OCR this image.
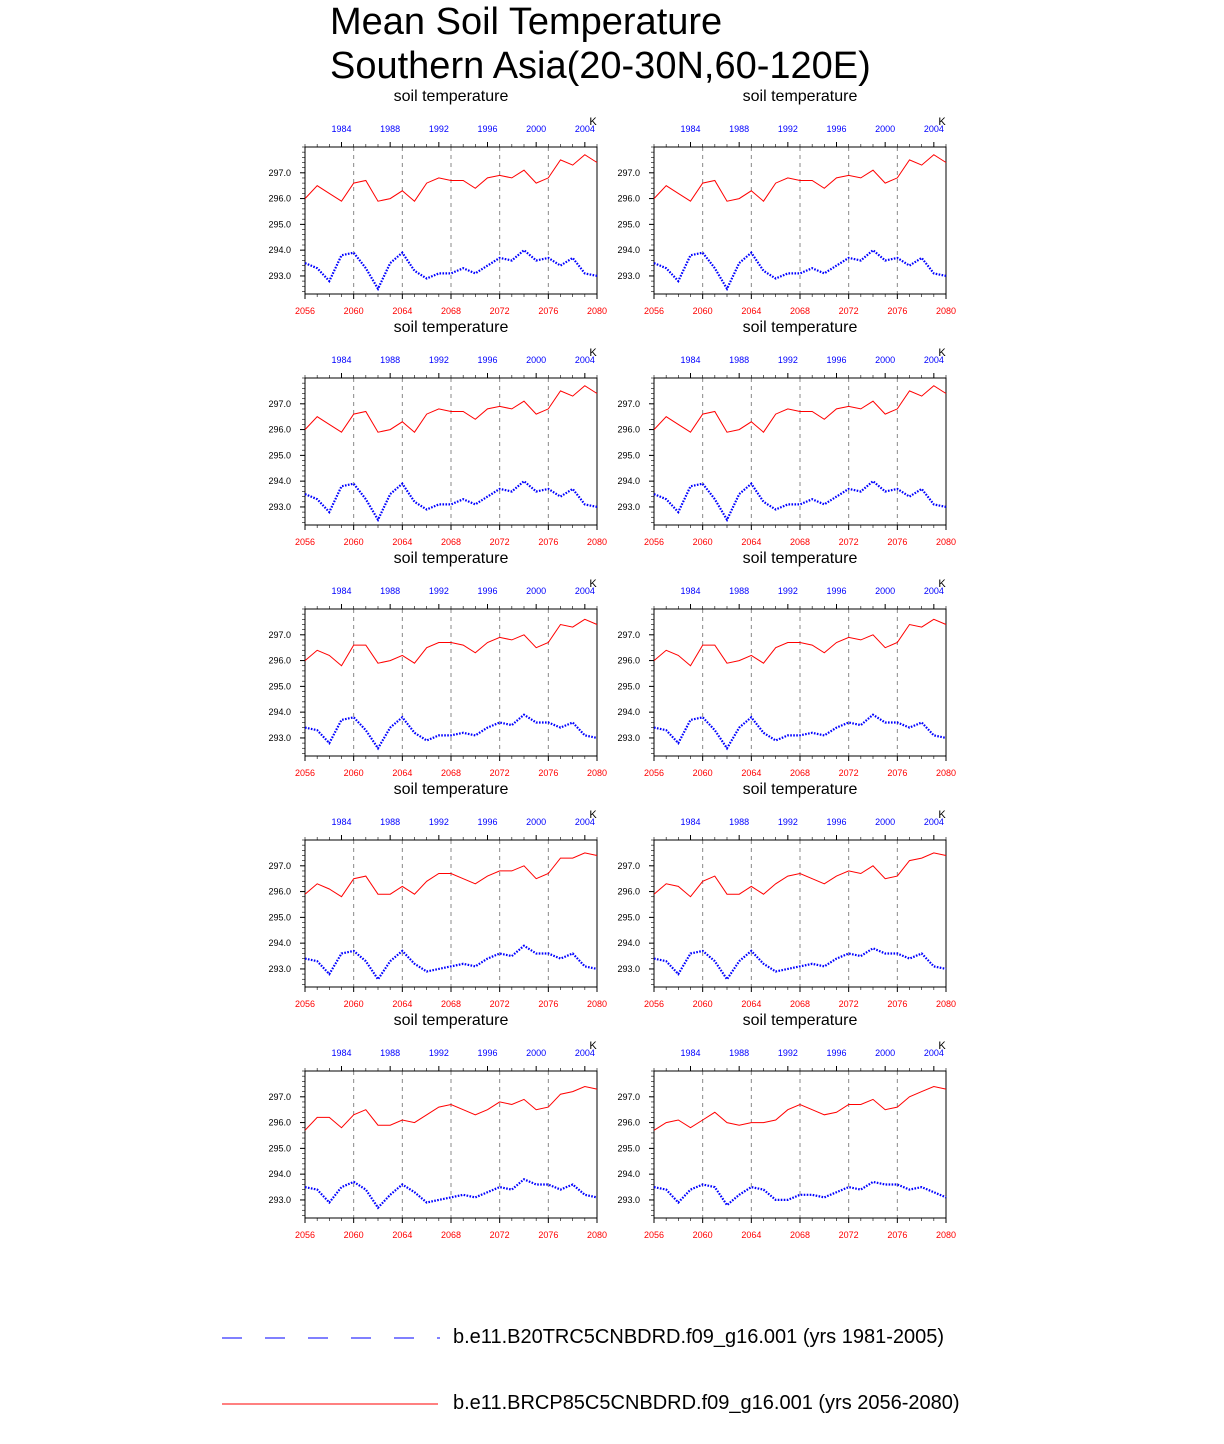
Mean Soil Temperature
Southern Asia(20-30N,60-120E)
soil temperature
K
293.0
294.0
295.0
296.0
297.0
2056	2060	2064	2068	2072	2076	2080
1984	1988	1992	1996	2000	2004
soil temperature
K
293.0
294.0
295.0
296.0
297.0
2056	2060	2064	2068	2072	2076	2080
1984	1988	1992	1996	2000	2004
soil temperature
K
293.0
294.0
295.0
296.0
297.0
2056	2060	2064	2068	2072	2076	2080
1984	1988	1992	1996	2000	2004
soil temperature
K
293.0
294.0
295.0
296.0
297.0
2056	2060	2064	2068	2072	2076	2080
1984	1988	1992	1996	2000	2004
soil temperature
K
293.0
294.0
295.0
296.0
297.0
2056	2060	2064	2068	2072	2076	2080
1984	1988	1992	1996	2000	2004
soil temperature
K
293.0
294.0
295.0
296.0
297.0
2056	2060	2064	2068	2072	2076	2080
1984	1988	1992	1996	2000	2004
soil temperature
K
293.0
294.0
295.0
296.0
297.0
2056	2060	2064	2068	2072	2076	2080
1984	1988	1992	1996	2000	2004
soil temperature
K
293.0
294.0
295.0
296.0
297.0
2056	2060	2064	2068	2072	2076	2080
1984	1988	1992	1996	2000	2004
soil temperature
K
293.0
294.0
295.0
296.0
297.0
2056	2060	2064	2068	2072	2076	2080
1984	1988	1992	1996	2000	2004
soil temperature
K
293.0
294.0
295.0
296.0
297.0
2056	2060	2064	2068	2072	2076	2080
1984	1988	1992	1996	2000	2004
b.e11.B20TRC5CNBDRD.f09_g16.001 (yrs 1981-2005)
b.e11.BRCP85C5CNBDRD.f09_g16.001 (yrs 2056-2080)
